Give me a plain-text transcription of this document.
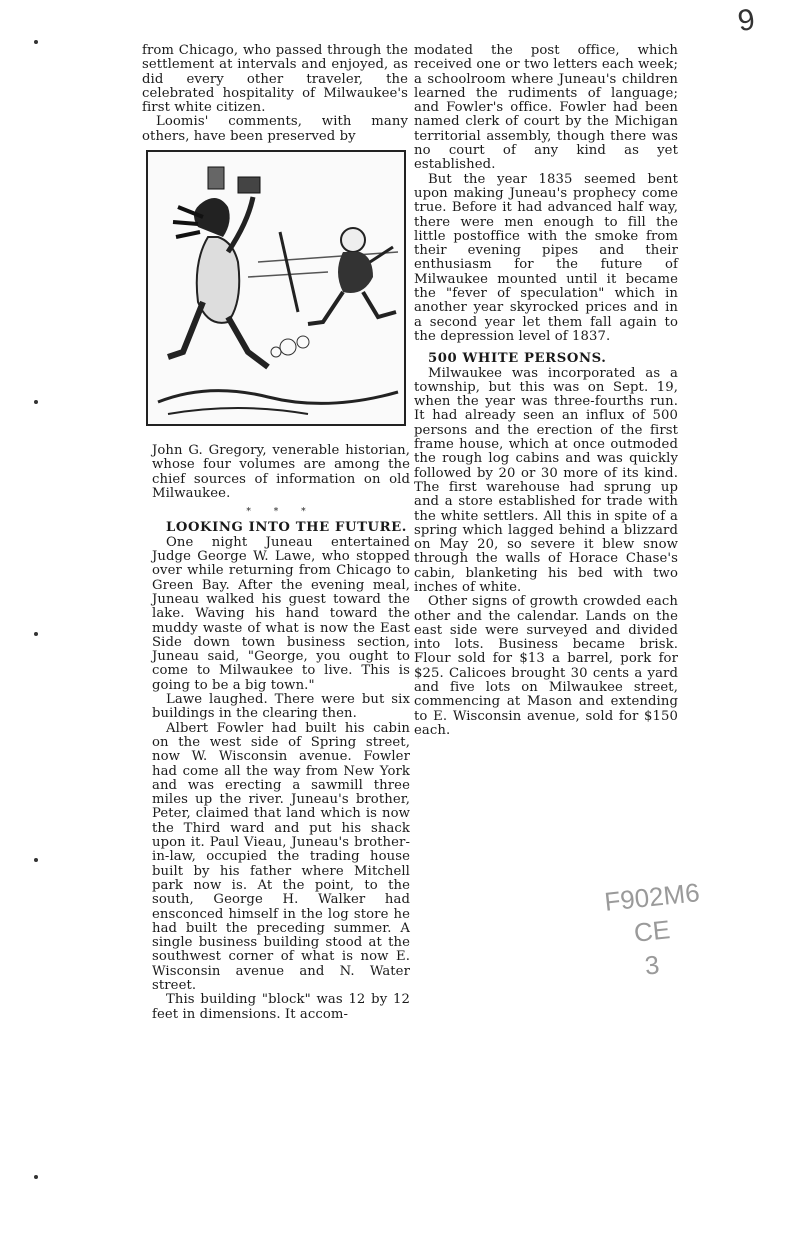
9

from Chicago, who passed through the settlement at intervals and enjoyed, as did every other traveler, the celebrated hospitality of Milwaukee's first white citizen.

Loomis' comments, with many others, have been preserved by

John G. Gregory, venerable historian, whose four volumes are among the chief sources of information on old Milwaukee.

* * *

LOOKING INTO THE FUTURE.

One night Juneau entertained Judge George W. Lawe, who stopped over while returning from Chicago to Green Bay. After the evening meal, Juneau walked his guest toward the lake. Waving his hand toward the muddy waste of what is now the East Side down town business section, Juneau said, "George, you ought to come to Milwaukee to live. This is going to be a big town."

Lawe laughed. There were but six buildings in the clearing then.

Albert Fowler had built his cabin on the west side of Spring street, now W. Wisconsin avenue. Fowler had come all the way from New York and was erecting a sawmill three miles up the river. Juneau's brother, Peter, claimed that land which is now the Third ward and put his shack upon it. Paul Vieau, Juneau's brother-in-law, occupied the trading house built by his father where Mitchell park now is. At the point, to the south, George H. Walker had ensconced himself in the log store he had built the preceding summer. A single business building stood at the southwest corner of what is now E. Wisconsin avenue and N. Water street.

This building "block" was 12 by 12 feet in dimensions. It accom-

modated the post office, which received one or two letters each week; a schoolroom where Juneau's children learned the rudiments of language; and Fowler's office. Fowler had been named clerk of court by the Michigan territorial assembly, though there was no court of any kind as yet established.

But the year 1835 seemed bent upon making Juneau's prophecy come true. Before it had advanced half way, there were men enough to fill the little postoffice with the smoke from their evening pipes and their enthusiasm for the future of Milwaukee mounted until it became the "fever of speculation" which in another year skyrocked prices and in a second year let them fall again to the depression level of 1837.

500 WHITE PERSONS.

Milwaukee was incorporated as a township, but this was on Sept. 19, when the year was three-fourths run. It had already seen an influx of 500 persons and the erection of the first frame house, which at once outmoded the rough log cabins and was quickly followed by 20 or 30 more of its kind. The first warehouse had sprung up and a store established for trade with the white settlers. All this in spite of a spring which lagged behind a blizzard on May 20, so severe it blew snow through the walls of Horace Chase's cabin, blanketing his bed with two inches of white.

Other signs of growth crowded each other and the calendar. Lands on the east side were surveyed and divided into lots. Business became brisk. Flour sold for $13 a barrel, pork for $25. Calicoes brought 30 cents a yard and five lots on Milwaukee street, commencing at Mason and extending to E. Wisconsin avenue, sold for $150 each.

F902M6
CE
3
